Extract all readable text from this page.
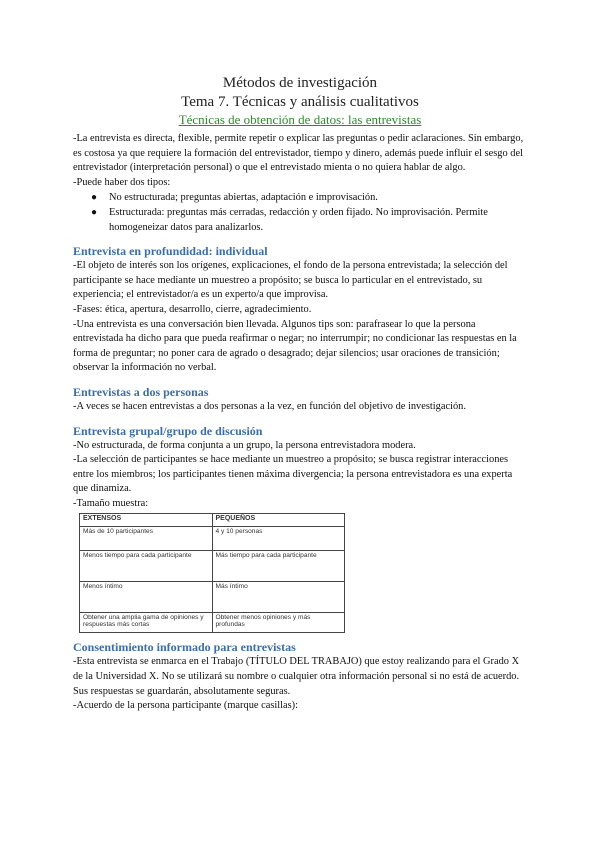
Métodos de investigación
Tema 7. Técnicas y análisis cualitativos
Técnicas de obtención de datos: las entrevistas

-La entrevista es directa, flexible, permite repetir o explicar las preguntas o pedir aclaraciones. Sin embargo, es costosa ya que requiere la formación del entrevistador, tiempo y dinero, además puede influir el sesgo del entrevistador (interpretación personal) o que el entrevistado mienta o no quiera hablar de algo.

-Puede haber dos tipos:

● No estructurada; preguntas abiertas, adaptación e improvisación.
● Estructurada: preguntas más cerradas, redacción y orden fijado. No improvisación. Permite homogeneizar datos para analizarlos.
Entrevista en profundidad: individual

-El objeto de interés son los orígenes, explicaciones, el fondo de la persona entrevistada; la selección del participante se hace mediante un muestreo a propósito; se busca lo particular en el entrevistado, su experiencia; el entrevistador/a es un experto/a que improvisa.

-Fases: ética, apertura, desarrollo, cierre, agradecimiento.

-Una entrevista es una conversación bien llevada. Algunos tips son: parafrasear lo que la persona entrevistada ha dicho para que pueda reafirmar o negar; no interrumpir; no condicionar las respuestas en la forma de preguntar; no poner cara de agrado o desagrado; dejar silencios; usar oraciones de transición; observar la información no verbal.

Entrevistas a dos personas

-A veces se hacen entrevistas a dos personas a la vez, en función del objetivo de investigación.

Entrevista grupal/grupo de discusión

-No estructurada, de forma conjunta a un grupo, la persona entrevistadora modera.

-La selección de participantes se hace mediante un muestreo a propósito; se busca registrar interacciones entre los miembros; los participantes tienen máxima divergencia; la persona entrevistadora es una experta que dinamiza.

-Tamaño muestra:

EXTENSOS	PEQUEÑOS
Más de 10 participantes	4 y 10 personas
Menos tiempo para cada participante	Más tiempo para cada participante
Menos íntimo	Más íntimo
Obtener una amplia gama de opiniones y respuestas más cortas	Obtener menos opiniones y más profundas
Consentimiento informado para entrevistas

-Esta entrevista se enmarca en el Trabajo (TÍTULO DEL TRABAJO) que estoy realizando para el Grado X de la Universidad X. No se utilizará su nombre o cualquier otra información personal si no está de acuerdo. Sus respuestas se guardarán, absolutamente seguras.

-Acuerdo de la persona participante (marque casillas):
